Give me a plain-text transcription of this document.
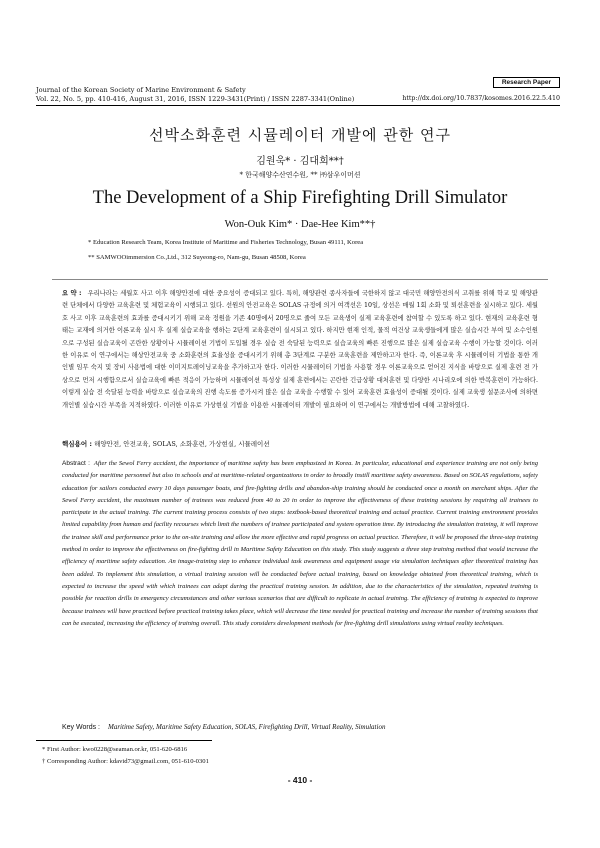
Journal of the Korean Society of Marine Environment & Safety
Vol. 22, No. 5, pp. 410-416, August 31, 2016, ISSN 1229-3431(Print) / ISSN 2287-3341(Online)
Research Paper
http://dx.doi.org/10.7837/kosomes.2016.22.5.410
선박소화훈련 시뮬레이터 개발에 관한 연구
김원욱* · 김대희**†
* 한국해양수산연수원, ** ㈜삼우이머션
The Development of a Ship Firefighting Drill Simulator
Won-Ouk Kim* · Dae-Hee Kim**†
* Education Research Team, Korea Institute of Maritime and Fisheries Technology, Busan 49111, Korea
** SAMWOOimmersion Co.,Ltd., 312 Suyeong-ro, Nam-gu, Busan 48508, Korea
요 약 : 우리나라는 세월호 사고 이후 해양안전에 대한 중요성이 증대되고 있다. 특히, 해양관련 종사자들에 국한하지 않고 대국민 해양안전의식 고취를 위해 학교 및 해양관련 단체에서 다양한 교육훈련 및 체험교육이 시행되고 있다. 선원의 안전교육은 SOLAS 규정에 의거 여객선은 10일, 상선은 매월 1회 소화 및 퇴선훈련을 실시하고 있다. 세월호 사고 이후 교육훈련의 효과를 증대시키기 위해 교육 정원을 기존 40명에서 20명으로 줄여 모든 교육생이 실제 교육훈련에 참여할 수 있도록 하고 있다. 현재의 교육훈련 형태는 교재에 의거한 이론교육 실시 후 실제 실습교육을 행하는 2단계 교육훈련이 실시되고 있다. 하지만 현재 인적, 물적 여건상 교육생들에게 많은 실습시간 부여 및 소수인원으로 구성된 실습교육이 곤란한 상황이나 시뮬레이션 기법이 도입될 경우 실습 전 숙달된 능력으로 실습교육의 빠른 진행으로 많은 실제 실습교육 수행이 가능할 것이다. 이러한 이유로 이 연구에서는 해상안전교육 중 소화훈련의 효율성을 증대시키기 위해 총 3단계로 구분한 교육훈련을 제안하고자 한다. 즉, 이론교육 후 시뮬레이터 기법을 통한 개인별 임무 숙지 및 장비 사용법에 대한 이미지트레이닝교육을 추가하고자 한다. 이러한 시뮬레이터 기법을 사용할 경우 이론교육으로 얻어진 지식을 바탕으로 실제 훈련 전 가상으로 먼저 시행함으로서 실습교육에 빠른 적응이 가능하며 시뮬레이션 특성상 실제 훈련에서는 곤란한 긴급상황 대처훈련 및 다양한 시나리오에 의한 반복훈련이 가능하다. 이렇게 실습 전 숙달된 능력을 바탕으로 실습교육의 진행 속도를 증가시켜 많은 실습 교육을 수행할 수 있어 교육훈련 효율성이 증대될 것이다. 실제 교육생 설문조사에 의하면 개인별 실습시간 부족을 지적하였다. 이러한 이유로 가상현실 기법을 이용한 시뮬레이터 개발이 필요하며 이 연구에서는 개발방법에 대해 고찰하였다.
핵심용어 : 해양안전, 안전교육, SOLAS, 소화훈련, 가상현실, 시뮬레이션
Abstract : After the Sewol Ferry accident, the importance of maritime safety has been emphasized in Korea. In particular, educational and experience training are not only being conducted for maritime personnel but also in schools and at maritime-related organizations in order to broadly instill maritime safety awareness. Based on SOLAS regulations, safety education for sailors conducted every 10 days passenger boats, and fire-fighting drills and abandon-ship training should be conducted once a month on merchant ships. After the Sewol Ferry accident, the maximum number of trainees was reduced from 40 to 20 in order to improve the effectiveness of these training sessions by requiring all trainees to participate in the actual training. The current training process consists of two steps: textbook-based theoretical training and actual practice. Current training environment provides limited capability from human and facility recourses which limit the numbers of trainee participated and system operation time. By introducing the simulation training, it will improve the trainee skill and performance prior to the on-site training and allow the more effective and rapid progress on actual practice. Therefore, it will be proposed the three-step training method in order to improve the effectiveness on fire-fighting drill in Maritime Safety Education on this study. This study suggests a three step training method that would increase the efficiency of maritime safety education. An image-training step to enhance individual task awareness and equipment usage via simulation techniques after theoretical training has been added. To implement this simulation, a virtual training session will be conducted before actual training, based on knowledge obtained from theoretical training, which is expected to increase the speed with which trainees can adapt during the practical training session. In addition, due to the characteristics of the simulation, repeated training is possible for reaction drills in emergency circumstances and other various scenarios that are difficult to replicate in actual training. The efficiency of training is expected to improve because trainees will have practiced before practical training takes place, which will decrease the time needed for practical training and increase the number of training sessions that can be executed, increasing the efficiency of training overall. This study considers development methods for fire-fighting drill simulations using virtual reality techniques.
Key Words : Maritime Safety, Maritime Safety Education, SOLAS, Firefighting Drill, Virtual Reality, Simulation
* First Author: kwo0228@seaman.or.kr, 051-620-6816
† Corresponding Author: kdavid73@gmail.com, 051-610-0301
- 410 -
